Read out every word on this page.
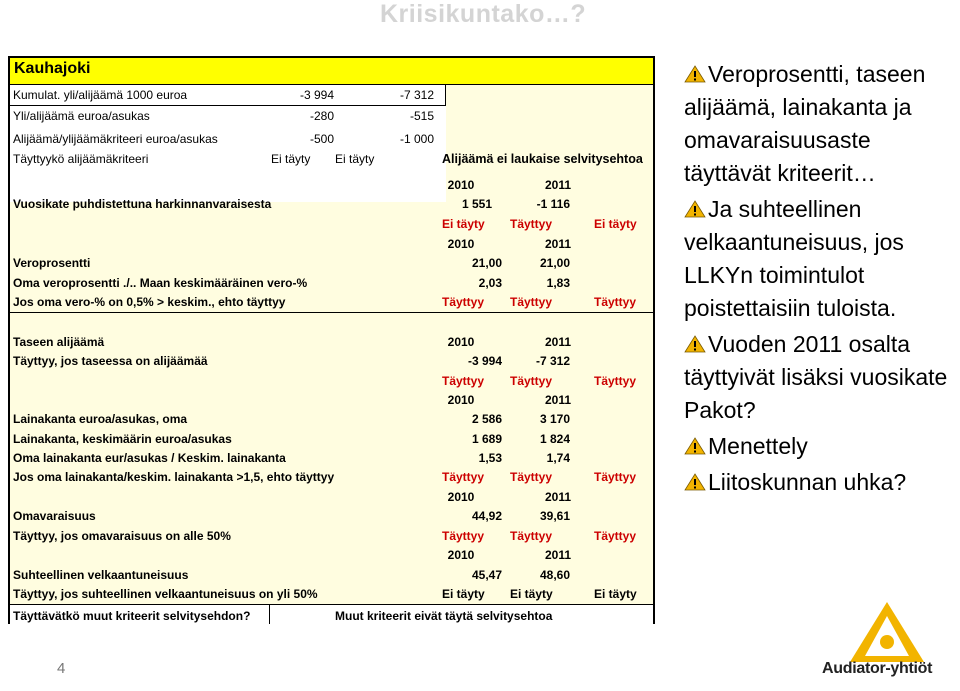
Kriisikuntako…?
Kauhajoki
Kumulat. yli/alijäämä 1000 euroa	-3 994	-7 312
Yli/alijäämä euroa/asukas	-280	-515
Alijäämä/ylijäämäkriteeri euroa/asukas	-500	-1 000
Täyttyykö alijäämäkriteeri	Ei täyty Ei täyty	Alijäämä ei laukaise selvitysehtoa
2010	2011
Vuosikate puhdistettuna harkinnanvaraisesta	1 551	-1 116
Ei täyty Täyttyy	Ei täyty
2010	2011
Veroprosentti	21,00	21,00
Oma veroprosentti ./.. Maan keskimääräinen vero-%	2,03	1,83
Jos oma vero-% on 0,5% > keskim., ehto täyttyy	Täyttyy Täyttyy	Täyttyy
Taseen alijäämä	2010	2011
Täyttyy, jos taseessa on alijäämää	-3 994	-7 312
Täyttyy Täyttyy	Täyttyy
2010	2011
Lainakanta euroa/asukas, oma	2 586	3 170
Lainakanta, keskimäärin euroa/asukas	1 689	1 824
Oma lainakanta eur/asukas / Keskim. lainakanta	1,53	1,74
Jos oma lainakanta/keskim. lainakanta >1,5, ehto täyttyy	Täyttyy Täyttyy	Täyttyy
2010	2011
Omavaraisuus	44,92	39,61
Täyttyy, jos omavaraisuus on alle 50%	Täyttyy Täyttyy	Täyttyy
2010	2011
Suhteellinen velkaantuneisuus	45,47	48,60
Täyttyy, jos suhteellinen velkaantuneisuus on yli 50%	Ei täyty Ei täyty	Ei täyty
Täyttävätkö muut kriteerit selvitysehdon?	Muut kriteerit eivät täytä selvitysehtoa
Veroprosentti, taseen alijäämä, lainakanta ja omavaraisuusaste täyttävät kriteerit…
Ja suhteellinen velkaantuneisuus, jos LLKYn toimintulot poistettaisiin tuloista.
Vuoden 2011 osalta täyttyivät lisäksi vuosikate
Pakot?
Menettely
Liitoskunnan uhka?
4	Audiator-yhtiöt
